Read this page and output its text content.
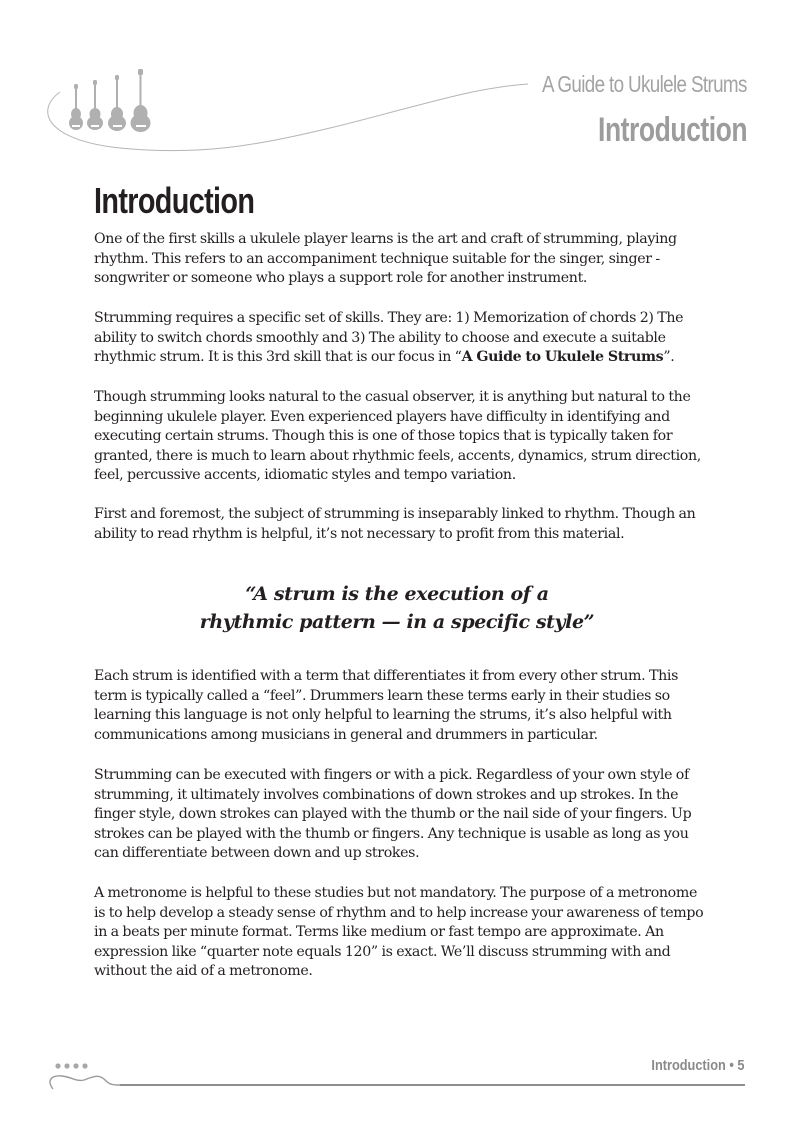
A Guide to Ukulele Strums
Introduction
Introduction

One of the first skills a ukulele player learns is the art and craft of strumming, playing rhythm. This refers to an accompaniment technique suitable for the singer, singer - songwriter or someone who plays a support role for another instrument.

Strumming requires a specific set of skills. They are: 1) Memorization of chords 2) The ability to switch chords smoothly and 3) The ability to choose and execute a suitable rhythmic strum. It is this 3rd skill that is our focus in “A Guide to Ukulele Strums”.

Though strumming looks natural to the casual observer, it is anything but natural to the beginning ukulele player. Even experienced players have difficulty in identifying and executing certain strums. Though this is one of those topics that is typically taken for granted, there is much to learn about rhythmic feels, accents, dynamics, strum direction, feel, percussive accents, idiomatic styles and tempo variation.

First and foremost, the subject of strumming is inseparably linked to rhythm. Though an ability to read rhythm is helpful, it’s not necessary to profit from this material.

“A strum is the execution of a
rhythmic pattern — in a specific style”

Each strum is identified with a term that differentiates it from every other strum. This term is typically called a “feel”. Drummers learn these terms early in their studies so learning this language is not only helpful to learning the strums, it’s also helpful with communications among musicians in general and drummers in particular.

Strumming can be executed with fingers or with a pick. Regardless of your own style of strumming, it ultimately involves combinations of down strokes and up strokes. In the finger style, down strokes can played with the thumb or the nail side of your fingers. Up strokes can be played with the thumb or fingers. Any technique is usable as long as you can differentiate between down and up strokes.

A metronome is helpful to these studies but not mandatory. The purpose of a metronome is to help develop a steady sense of rhythm and to help increase your awareness of tempo in a beats per minute format. Terms like medium or fast tempo are approximate. An expression like “quarter note equals 120” is exact. We’ll discuss strumming with and without the aid of a metronome.

Introduction • 5
